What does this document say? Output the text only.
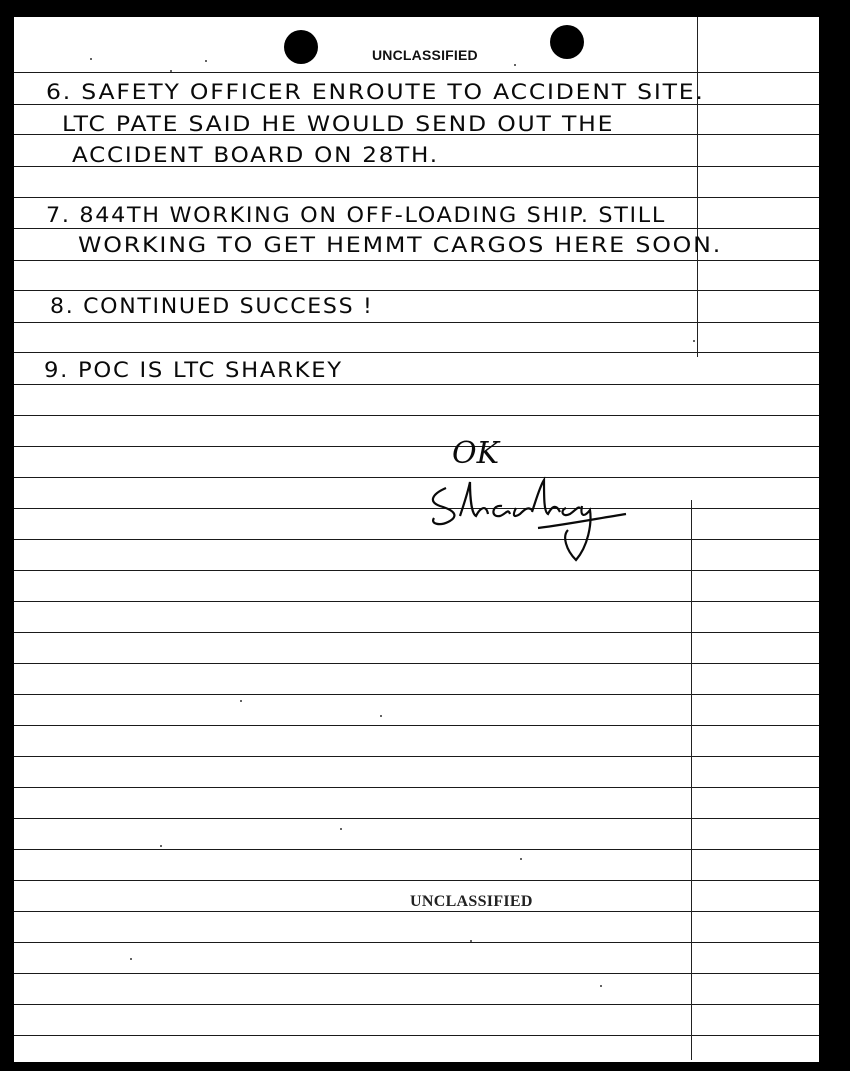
UNCLASSIFIED
6. SAFETY OFFICER ENROUTE TO ACCIDENT SITE.
LTC PATE SAID HE WOULD SEND OUT THE
ACCIDENT BOARD ON 28TH.
7. 844TH WORKING ON OFF-LOADING SHIP. STILL
WORKING TO GET HEMMT CARGOS HERE SOON.
8. CONTINUED SUCCESS !
9. POC IS LTC SHARKEY
OK
UNCLASSIFIED
